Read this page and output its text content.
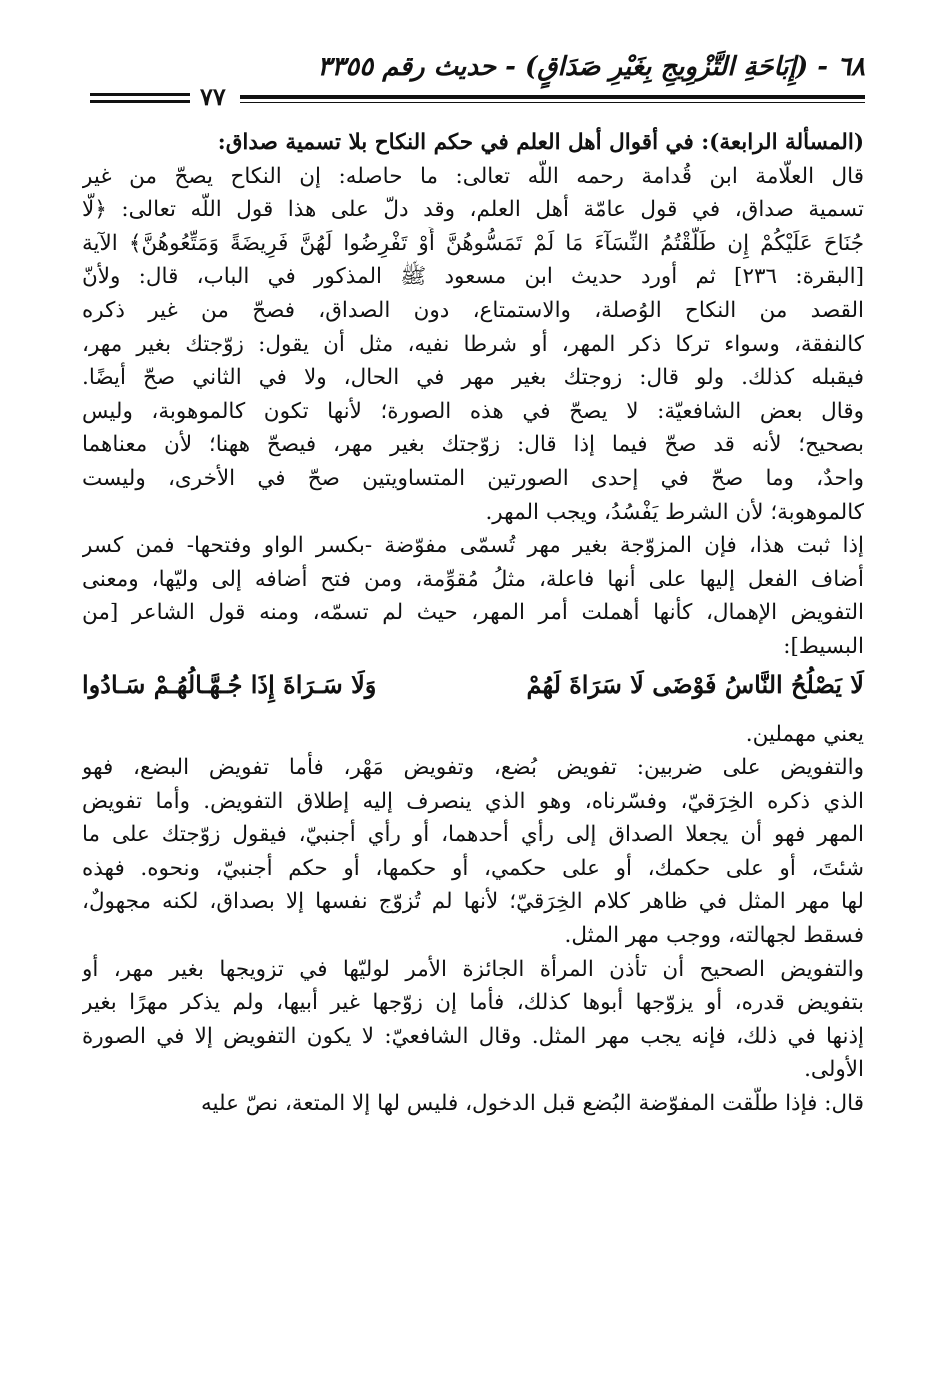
٦٨ - (إِبَاحَةِ التَّزْوِيجِ بِغَيْرِ صَدَاقٍ) - حديث رقم ٣٣٥٥
٧٧
(المسألة الرابعة): في أقوال أهل العلم في حكم النكاح بلا تسمية صداق:
قال العلّامة ابن قُدامة رحمه اللّه تعالى: ما حاصله: إن النكاح يصحّ من غير
تسمية صداق، في قول عامّة أهل العلم، وقد دلّ على هذا قول اللّه تعالى: ﴿لَّا
جُنَاحَ عَلَيْكُمْ إِن طَلَّقْتُمُ النِّسَآءَ مَا لَمْ تَمَسُّوهُنَّ أَوْ تَفْرِضُوا لَهُنَّ فَرِيضَةً وَمَتِّعُوهُنَّ﴾ الآية
[البقرة: ٢٣٦] ثم أورد حديث ابن مسعود ﷺ المذكور في الباب، قال: ولأنّ
القصد من النكاح الوُصلة، والاستمتاع، دون الصداق، فصحّ من غير ذكره
كالنفقة، وسواء تركا ذكر المهر، أو شرطا نفيه، مثل أن يقول: زوّجتك بغير مهر،
فيقبله كذلك. ولو قال: زوجتك بغير مهر في الحال، ولا في الثاني صحّ أيضًا.
وقال بعض الشافعيّة: لا يصحّ في هذه الصورة؛ لأنها تكون كالموهوبة، وليس
بصحيح؛ لأنه قد صحّ فيما إذا قال: زوّجتك بغير مهر، فيصحّ ههنا؛ لأن معناهما
واحدٌ، وما صحّ في إحدى الصورتين المتساويتين صحّ في الأخرى، وليست
كالموهوبة؛ لأن الشرط يَفْسُدُ، ويجب المهر.
إذا ثبت هذا، فإن المزوّجة بغير مهر تُسمّى مفوّضة -بكسر الواو وفتحها- فمن كسر
أضاف الفعل إليها على أنها فاعلة، مثلُ مُقوِّمة، ومن فتح أضافه إلى وليّها، ومعنى
التفويض الإهمال، كأنها أهملت أمر المهر، حيث لم تسمّه، ومنه قول الشاعر [من
البسيط]:
لَا يَصْلُحُ النَّاسُ فَوْضَى لَا سَرَاةَ لَهُمْ
وَلَا سَـرَاةَ إِذَا جُـهَّـالُهُـمْ سَـادُوا
يعني مهملين.
والتفويض على ضربين: تفويض بُضع، وتفويض مَهْر، فأما تفويض البضع، فهو
الذي ذكره الخِرَقيّ، وفسّرناه، وهو الذي ينصرف إليه إطلاق التفويض. وأما تفويض
المهر فهو أن يجعلا الصداق إلى رأي أحدهما، أو رأي أجنبيّ، فيقول زوّجتك على ما
شئتَ، أو على حكمك، أو على حكمي، أو حكمها، أو حكم أجنبيّ، ونحوه. فهذه
لها مهر المثل في ظاهر كلام الخِرَقيّ؛ لأنها لم تُزوّج نفسها إلا بصداق، لكنه مجهولٌ،
فسقط لجهالته، ووجب مهر المثل.
والتفويض الصحيح أن تأذن المرأة الجائزة الأمر لوليّها في تزويجها بغير مهر، أو
بتفويض قدره، أو يزوّجها أبوها كذلك، فأما إن زوّجها غير أبيها، ولم يذكر مهرًا بغير
إذنها في ذلك، فإنه يجب مهر المثل. وقال الشافعيّ: لا يكون التفويض إلا في الصورة
الأولى.
قال: فإذا طلّقت المفوّضة البُضع قبل الدخول، فليس لها إلا المتعة، نصّ عليه
